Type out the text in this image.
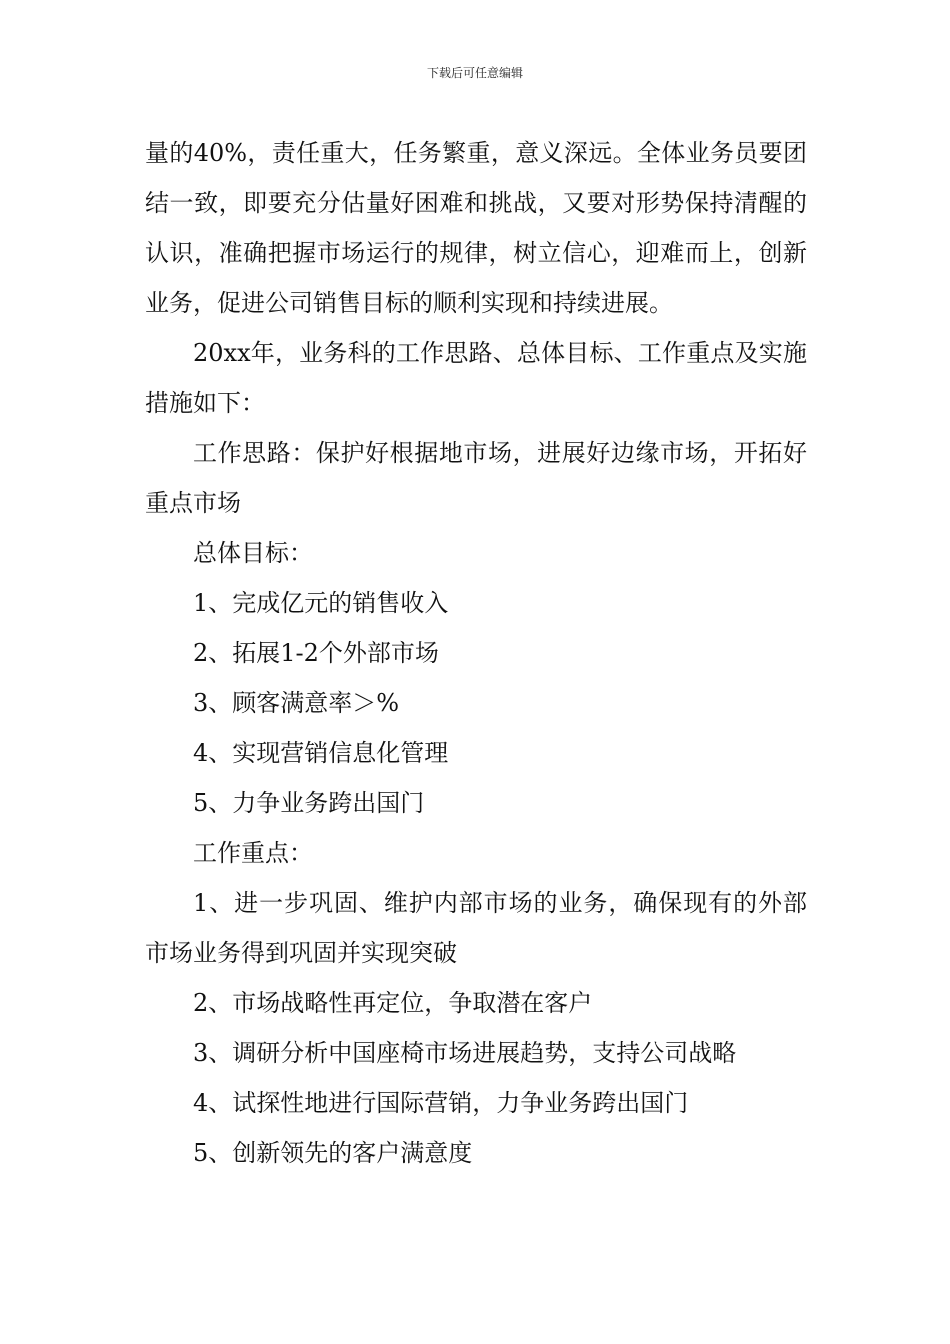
下载后可任意编辑

量的40%，责任重大，任务繁重，意义深远。全体业务员要团结一致，即要充分估量好困难和挑战，又要对形势保持清醒的认识，准确把握市场运行的规律，树立信心，迎难而上，创新业务，促进公司销售目标的顺利实现和持续进展。

20xx年，业务科的工作思路、总体目标、工作重点及实施措施如下：

工作思路：保护好根据地市场，进展好边缘市场，开拓好重点市场

总体目标：

1、完成亿元的销售收入

2、拓展1-2个外部市场

3、顾客满意率＞%

4、实现营销信息化管理

5、力争业务跨出国门

工作重点：

1、进一步巩固、维护内部市场的业务，确保现有的外部市场业务得到巩固并实现突破

2、市场战略性再定位，争取潜在客户

3、调研分析中国座椅市场进展趋势，支持公司战略

4、试探性地进行国际营销，力争业务跨出国门

5、创新领先的客户满意度
